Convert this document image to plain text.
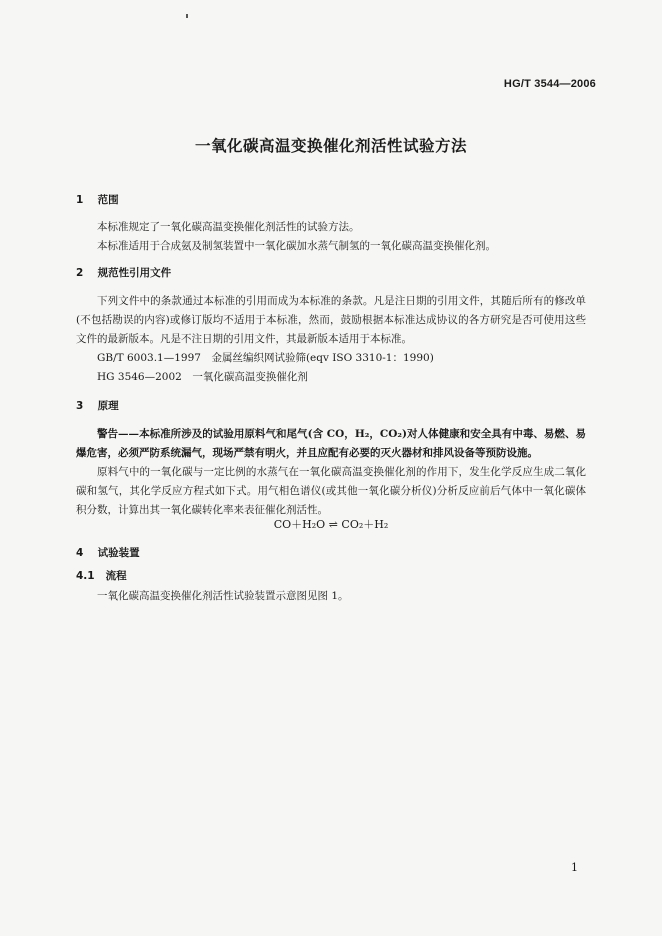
HG/T 3544—2006
一氧化碳高温变换催化剂活性试验方法
1 范围
本标准规定了一氧化碳高温变换催化剂活性的试验方法。
本标准适用于合成氨及制氢装置中一氧化碳加水蒸气制氢的一氧化碳高温变换催化剂。
2 规范性引用文件
下列文件中的条款通过本标准的引用而成为本标准的条款。凡是注日期的引用文件，其随后所有的修改单(不包括勘误的内容)或修订版均不适用于本标准，然而，鼓励根据本标准达成协议的各方研究是否可使用这些文件的最新版本。凡是不注日期的引用文件，其最新版本适用于本标准。
GB/T 6003.1—1997　金属丝编织网试验筛(eqv ISO 3310-1：1990)
HG 3546—2002　一氧化碳高温变换催化剂
3 原理
警告——本标准所涉及的试验用原料气和尾气(含 CO，H₂，CO₂)对人体健康和安全具有中毒、易燃、易爆危害，必须严防系统漏气，现场严禁有明火，并且应配有必要的灭火器材和排风设备等预防设施。
原料气中的一氧化碳与一定比例的水蒸气在一氧化碳高温变换催化剂的作用下，发生化学反应生成二氧化碳和氢气，其化学反应方程式如下式。用气相色谱仪(或其他一氧化碳分析仪)分析反应前后气体中一氧化碳体积分数，计算出其一氧化碳转化率来表征催化剂活性。
CO＋H₂O ⇌ CO₂＋H₂
4 试验装置
4.1 流程
一氧化碳高温变换催化剂活性试验装置示意图见图 1。
1
